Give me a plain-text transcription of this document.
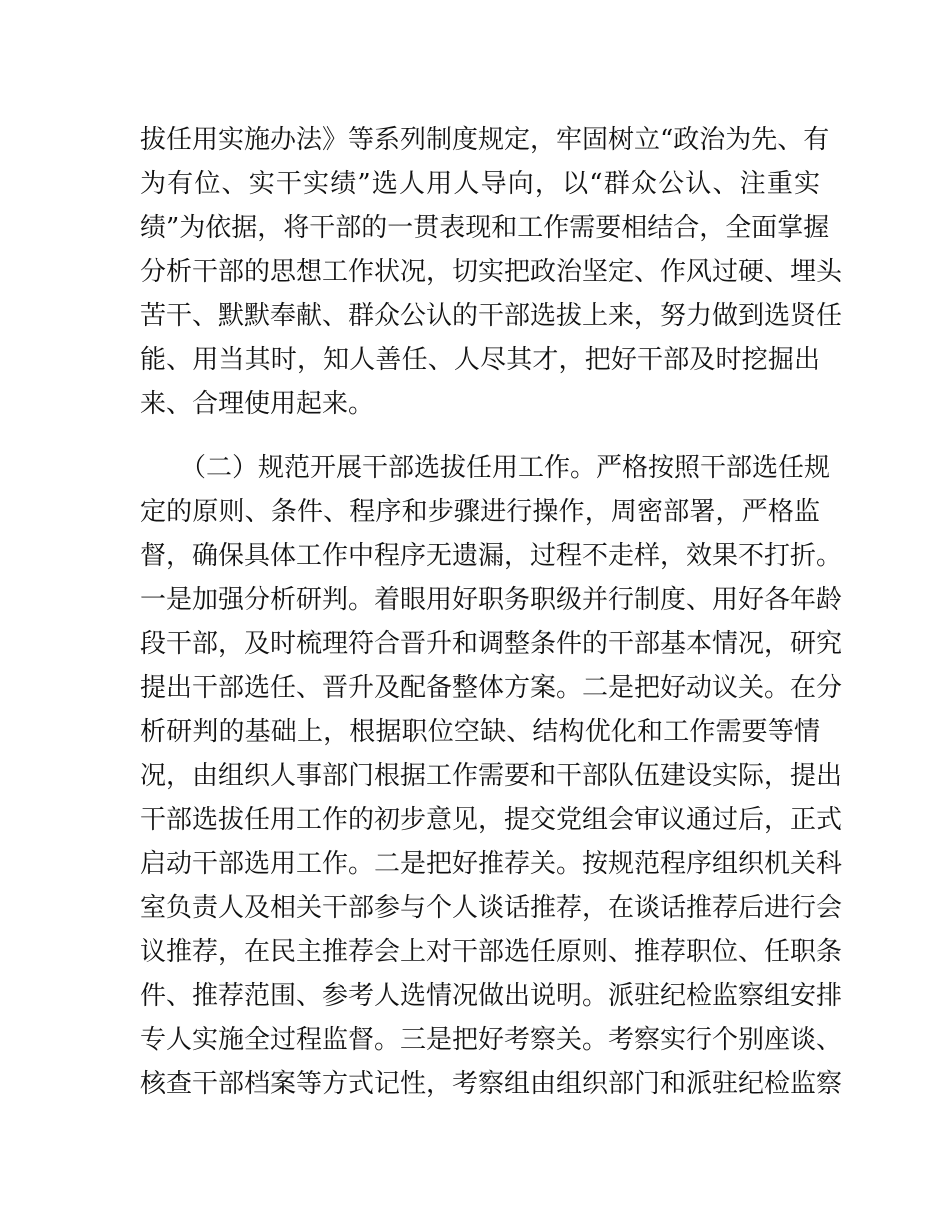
拔任用实施办法》等系列制度规定，牢固树立“政治为先、有
为有位、实干实绩”选人用人导向，以“群众公认、注重实
绩”为依据，将干部的一贯表现和工作需要相结合，全面掌握
分析干部的思想工作状况，切实把政治坚定、作风过硬、埋头
苦干、默默奉献、群众公认的干部选拔上来，努力做到选贤任
能、用当其时，知人善任、人尽其才，把好干部及时挖掘出
来、合理使用起来。
（二）规范开展干部选拔任用工作。严格按照干部选任规
定的原则、条件、程序和步骤进行操作，周密部署，严格监
督，确保具体工作中程序无遗漏，过程不走样，效果不打折。
一是加强分析研判。着眼用好职务职级并行制度、用好各年龄
段干部，及时梳理符合晋升和调整条件的干部基本情况，研究
提出干部选任、晋升及配备整体方案。二是把好动议关。在分
析研判的基础上，根据职位空缺、结构优化和工作需要等情
况，由组织人事部门根据工作需要和干部队伍建设实际，提出
干部选拔任用工作的初步意见，提交党组会审议通过后，正式
启动干部选用工作。二是把好推荐关。按规范程序组织机关科
室负责人及相关干部参与个人谈话推荐，在谈话推荐后进行会
议推荐，在民主推荐会上对干部选任原则、推荐职位、任职条
件、推荐范围、参考人选情况做出说明。派驻纪检监察组安排
专人实施全过程监督。三是把好考察关。考察实行个别座谈、
核查干部档案等方式记性，考察组由组织部门和派驻纪检监察
